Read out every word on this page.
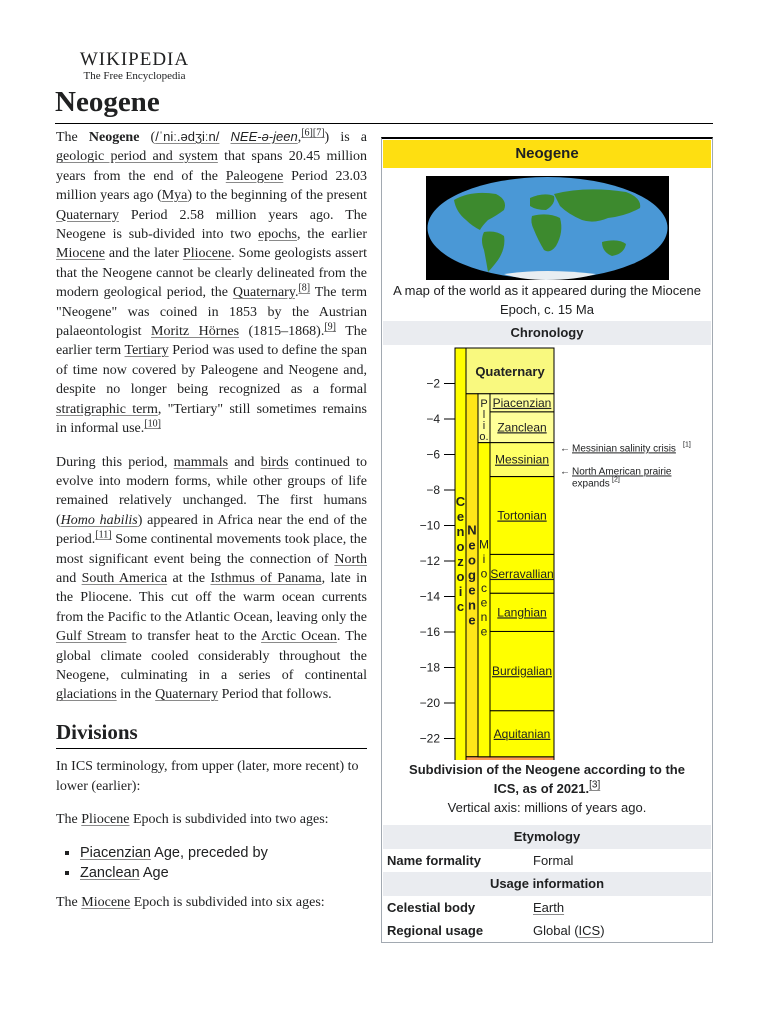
WIKIPEDIA
The Free Encyclopedia
Neogene

The Neogene (/ˈniː.ədʒiːn/ NEE-ə-jeen,[6][7]) is a geologic period and system that spans 20.45 million years from the end of the Paleogene Period 23.03 million years ago (Mya) to the beginning of the present Quaternary Period 2.58 million years ago. The Neogene is sub-divided into two epochs, the earlier Miocene and the later Pliocene. Some geologists assert that the Neogene cannot be clearly delineated from the modern geological period, the Quaternary.[8] The term "Neogene" was coined in 1853 by the Austrian palaeontologist Moritz Hörnes (1815–1868).[9] The earlier term Tertiary Period was used to define the span of time now covered by Paleogene and Neogene and, despite no longer being recognized as a formal stratigraphic term, "Tertiary" still sometimes remains in informal use.[10]

During this period, mammals and birds continued to evolve into modern forms, while other groups of life remained relatively unchanged. The first humans (Homo habilis) appeared in Africa near the end of the period.[11] Some continental movements took place, the most significant event being the connection of North and South America at the Isthmus of Panama, late in the Pliocene. This cut off the warm ocean currents from the Pacific to the Atlantic Ocean, leaving only the Gulf Stream to transfer heat to the Arctic Ocean. The global climate cooled considerably throughout the Neogene, culminating in a series of continental glaciations in the Quaternary Period that follows.

Divisions

In ICS terminology, from upper (later, more recent) to lower (earlier):

The Pliocene Epoch is subdivided into two ages:

▪ Piacenzian Age, preceded by
▪ Zanclean Age

The Miocene Epoch is subdivided into six ages:

Neogene
A map of the world as it appeared during the Miocene Epoch, c. 15 Ma
Chronology
−2
−4
−6
−8
−10
−12
−14
−16
−18
−20
−22
C
e
n
o
z
o
i
c
Quaternary
N
e
o
g
e
n
e
P
l
i
o.
M
i
o
c
e
n
e
Piacenzian
Zanclean
Messinian
Tortonian
Serravallian
Langhian
Burdigalian
Aquitanian
← Messinian salinity crisis [1]
← North American prairie
expands [2]
Subdivision of the Neogene according to the ICS, as of 2021.[3]
Vertical axis: millions of years ago.
Etymology
Name formality	Formal
Usage information
Celestial body	Earth
Regional usage	Global (ICS)
